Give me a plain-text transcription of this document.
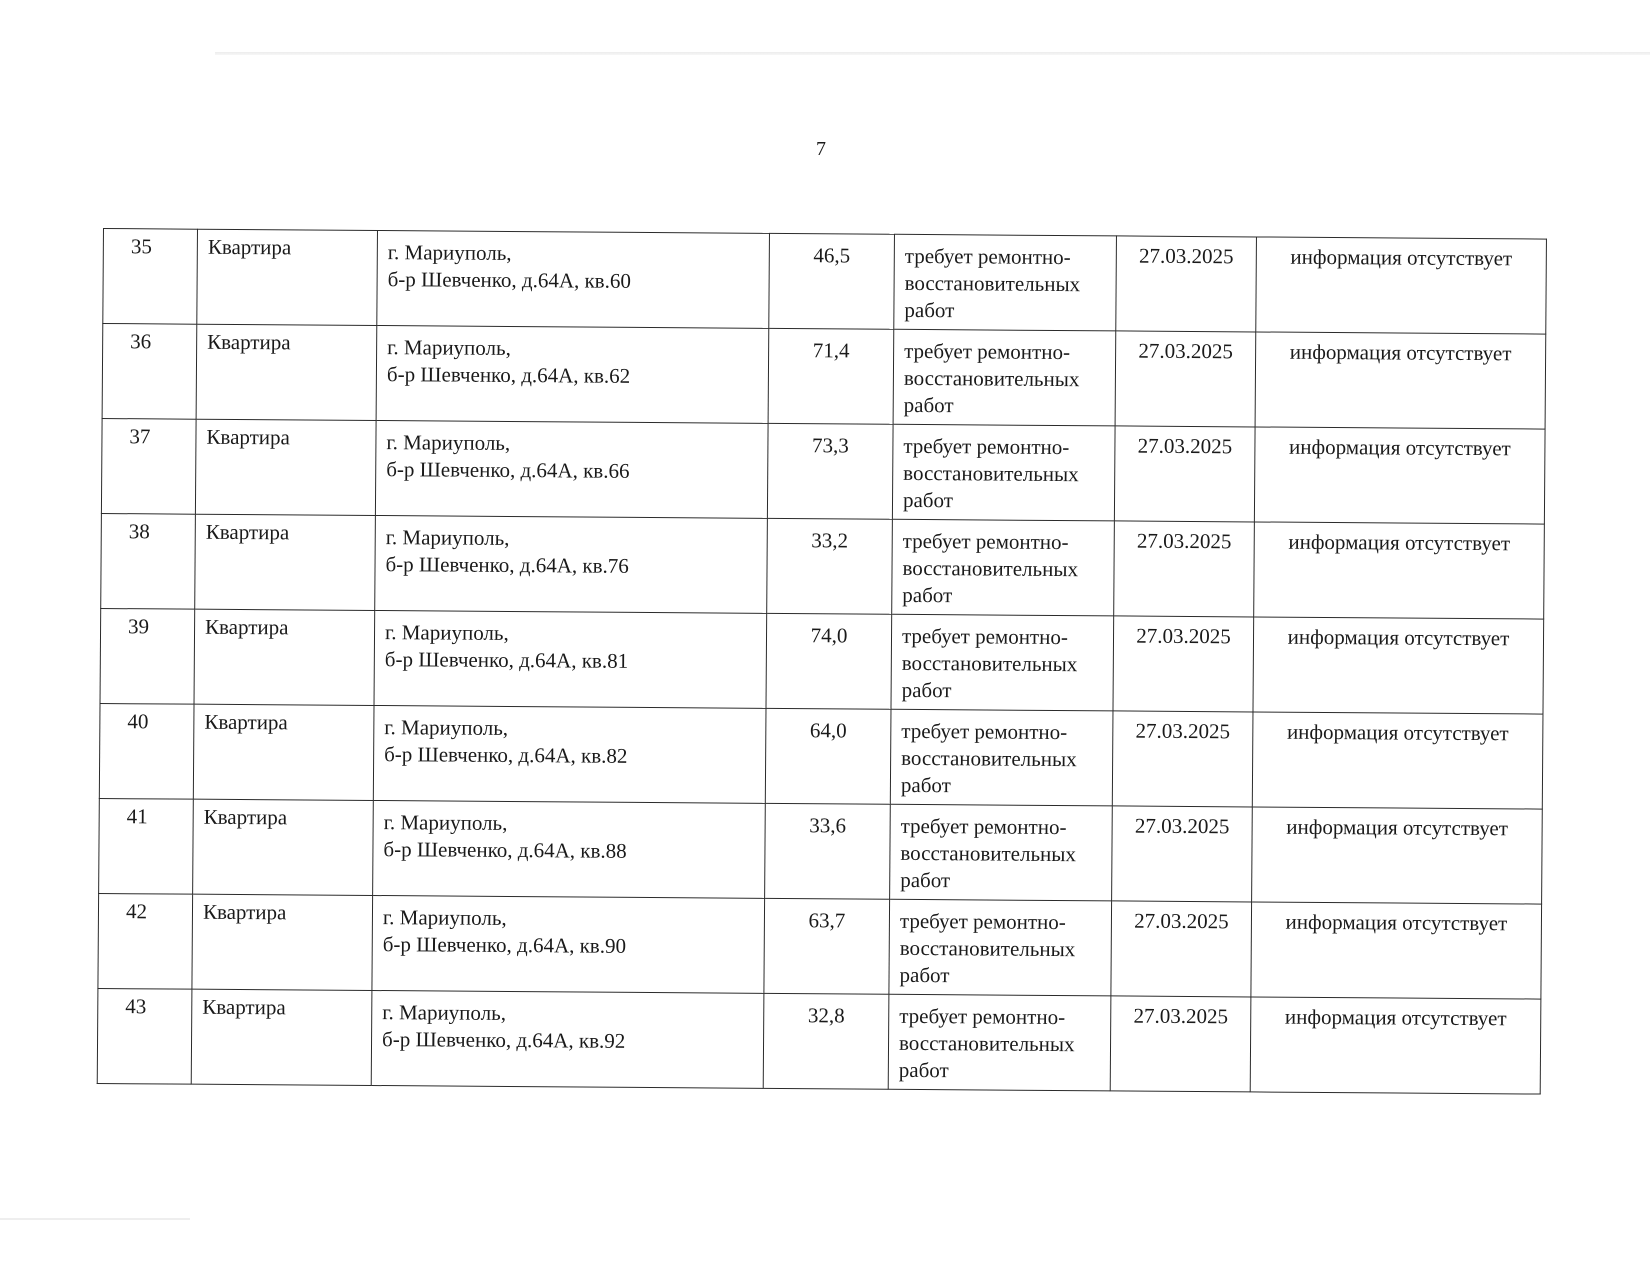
7
35	Квартира	г. Мариуполь,
б-р Шевченко, д.64А, кв.60	46,5	требует ремонтно-восстановительных работ	27.03.2025	информация отсутствует
36	Квартира	г. Мариуполь,
б-р Шевченко, д.64А, кв.62	71,4	требует ремонтно-восстановительных работ	27.03.2025	информация отсутствует
37	Квартира	г. Мариуполь,
б-р Шевченко, д.64А, кв.66	73,3	требует ремонтно-восстановительных работ	27.03.2025	информация отсутствует
38	Квартира	г. Мариуполь,
б-р Шевченко, д.64А, кв.76	33,2	требует ремонтно-восстановительных работ	27.03.2025	информация отсутствует
39	Квартира	г. Мариуполь,
б-р Шевченко, д.64А, кв.81	74,0	требует ремонтно-восстановительных работ	27.03.2025	информация отсутствует
40	Квартира	г. Мариуполь,
б-р Шевченко, д.64А, кв.82	64,0	требует ремонтно-восстановительных работ	27.03.2025	информация отсутствует
41	Квартира	г. Мариуполь,
б-р Шевченко, д.64А, кв.88	33,6	требует ремонтно-восстановительных работ	27.03.2025	информация отсутствует
42	Квартира	г. Мариуполь,
б-р Шевченко, д.64А, кв.90	63,7	требует ремонтно-восстановительных работ	27.03.2025	информация отсутствует
43	Квартира	г. Мариуполь,
б-р Шевченко, д.64А, кв.92	32,8	требует ремонтно-восстановительных работ	27.03.2025	информация отсутствует
